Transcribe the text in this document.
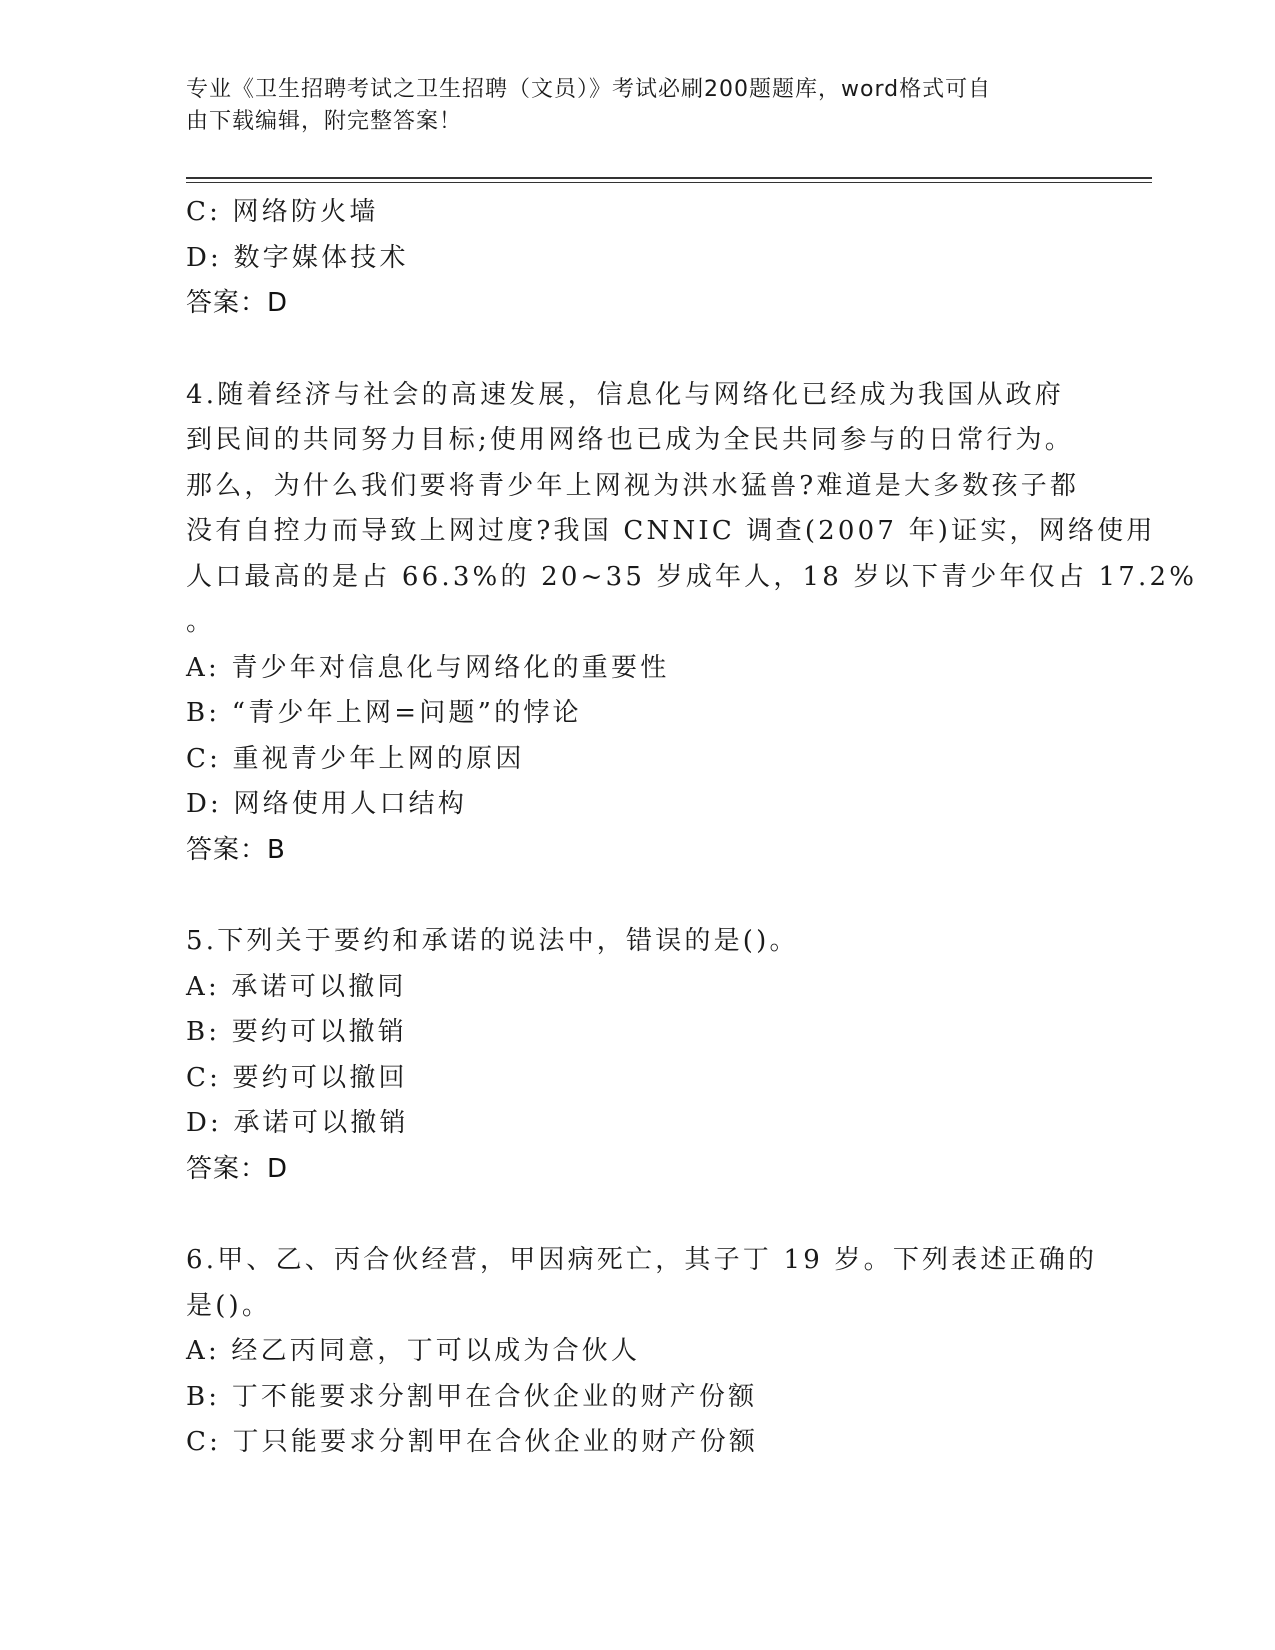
专业《卫生招聘考试之卫生招聘（文员）》考试必刷200题题库，word格式可自
由下载编辑，附完整答案！
C: 网络防火墙
D: 数字媒体技术
答案：D
4.随着经济与社会的高速发展，信息化与网络化已经成为我国从政府
到民间的共同努力目标;使用网络也已成为全民共同参与的日常行为。
那么，为什么我们要将青少年上网视为洪水猛兽?难道是大多数孩子都
没有自控力而导致上网过度?我国 CNNIC 调查(2007 年)证实，网络使用
人口最高的是占 66.3%的 20~35 岁成年人，18 岁以下青少年仅占 17.2%
。
A: 青少年对信息化与网络化的重要性
B: “青少年上网=问题”的悖论
C: 重视青少年上网的原因
D: 网络使用人口结构
答案：B
5.下列关于要约和承诺的说法中，错误的是()。
A: 承诺可以撤同
B: 要约可以撤销
C: 要约可以撤回
D: 承诺可以撤销
答案：D
6.甲、乙、丙合伙经营，甲因病死亡，其子丁 19 岁。下列表述正确的
是()。
A: 经乙丙同意，丁可以成为合伙人
B: 丁不能要求分割甲在合伙企业的财产份额
C: 丁只能要求分割甲在合伙企业的财产份额
